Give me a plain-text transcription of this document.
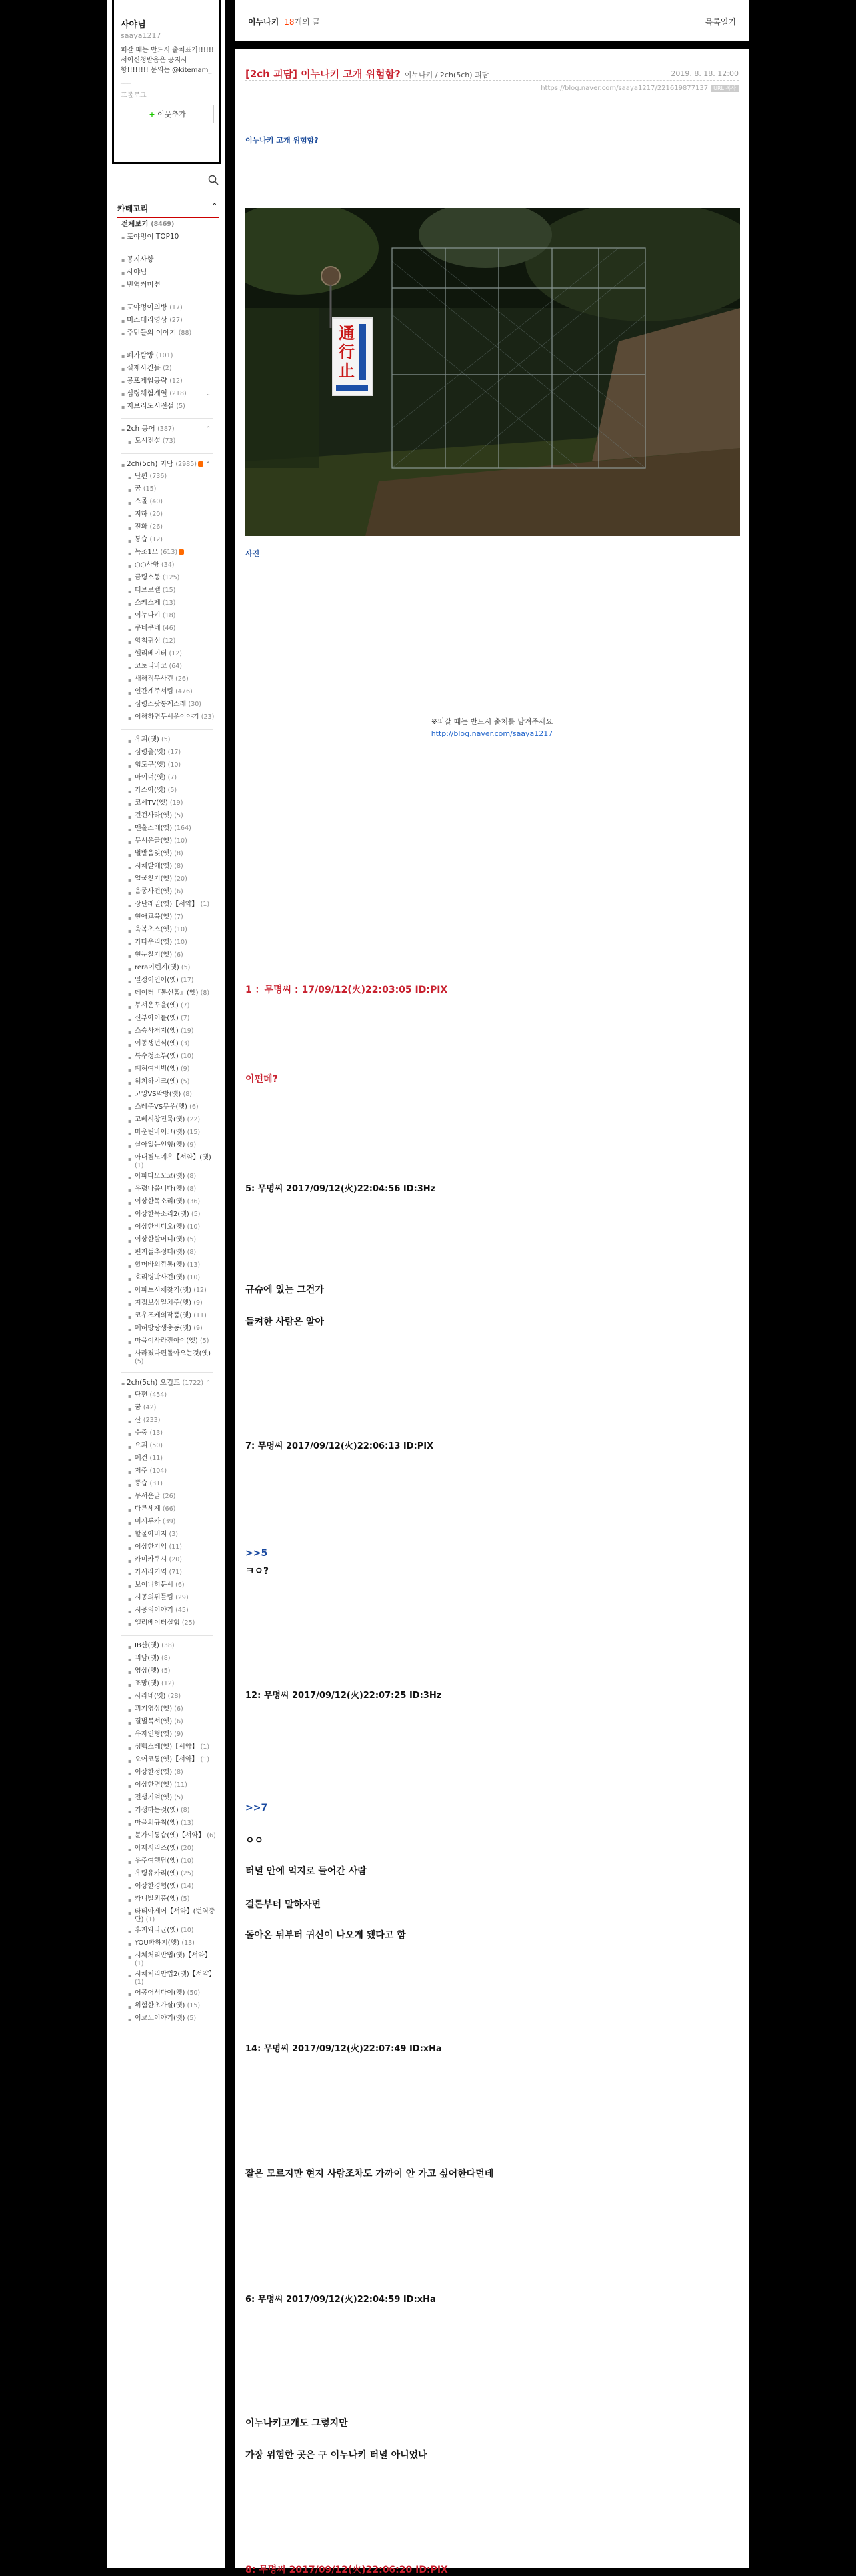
사야님
saaya1217
퍼갈 때는 반드시 출처표기!!!!!! 서이신청받음은 공지사항!!!!!!!! 문의는 @kitemam____
프롤로그
+ 이웃추가
카테고리	⌃
전체보기 (8469)
▪ 포야멍이 TOP10
▪ 공지사항
▪ 사야님
▪ 번역커미션
▪ 포야멍이의방 (17)
▪ 미스테리영상 (27)
▪ 주민들의 이야기 (88)
▪ 폐가탐방 (101)
▪ 실제사건들 (2)
▪ 공포게임공략 (12)
▪ 심령체험계열 (218)	⌄
▪ 지브리도시전설 (5)
▪ 2ch 공어 (387)	⌃
▪ 도시전설 (73)
▪ 2ch(5ch) 괴담 (2985) ⌃
▪ 단편 (736)
▪ 꿈 (15)
▪ 스몰 (40)
▪ 지하 (20)
▪ 전화 (26)
▪ 통습 (12)
▪ 녹조1모 (613)
▪ ○○사항 (34)
▪ 금령소동 (125)
▪ 터브로렐 (15)
▪ 쇼케스제 (13)
▪ 이누나키 (18)
▪ 쿠네쿠네 (46)
▪ 합척귀신 (12)
▪ 헬리베이터 (12)
▪ 코토리바코 (64)
▪ 새해직무사건 (26)
▪ 인간계주서림 (476)
▪ 심령스팟통계스레 (30)
▪ 이해하면무서운이야기 (23)
▪ 유괴(옛) (5)
▪ 심령출(옛) (17)
▪ 험도구(옛) (10)
▪ 마이너(옛) (7)
▪ 카스아(옛) (5)
▪ 코세TV(옛) (19)
▪ 건건사라(옛) (5)
▪ 맨홀스레(옛) (164)
▪ 무서운글(옛) (10)
▪ 벌받음잊(옛) (8)
▪ 시체발에(옛) (8)
▪ 얼굴찾기(옛) (20)
▪ 음종사건(옛) (6)
▪ 장난래일(옛)【서약】 (1)
▪ 현애교육(옛) (7)
▪ 욱복초스(옛) (10)
▪ 카타우리(옛) (10)
▪ 현눈찰기(옛) (6)
▪ rera이렌지(옛) (5)
▪ 일정이인어(옛) (17)
▪ 데이터『통신홈』(옛) (8)
▪ 무서운꾸을(옛) (7)
▪ 신부아이를(옛) (7)
▪ 스승사저지(옛) (19)
▪ 여동생년식(옛) (3)
▪ 특수청소부(옛) (10)
▪ 폐허여비빔(옛) (9)
▪ 히치하이크(옛) (5)
▪ 고잉VS막방(옛) (8)
▪ 스레주VS무우(옛) (6)
▪ 고베시창진묵(옛) (22)
▪ 마운틴바이크(옛) (15)
▪ 살아있는인형(옛) (9)
▪ 아내될노예유【서약】(옛) (1)
▪ 아파다모모코(옛) (8)
▪ 유령나옵니다(옛) (8)
▪ 이상한목소리(옛) (36)
▪ 이상한목소리2(옛) (5)
▪ 이상한비디오(옛) (10)
▪ 이상한할머니(옛) (5)
▪ 편지들추정터(옛) (8)
▪ 할머바의깡통(옛) (13)
▪ 호리병박사건(옛) (10)
▪ 아파트시체찾기(옛) (12)
▪ 지정보상일치주(옛) (9)
▪ 코우즈케의작품(옛) (11)
▪ 폐허방랑생충동(옛) (9)
▪ 마음이사라진아이(옛) (5)
▪ 사라졌다편돌아오는것(옛) (5)
▪ 2ch(5ch) 오컬트 (1722) ⌃
▪ 단편 (454)
▪ 꿈 (42)
▪ 산 (233)
▪ 수중 (13)
▪ 요괴 (50)
▪ 폐건 (11)
▪ 저주 (104)
▪ 풍습 (31)
▪ 무서운글 (26)
▪ 다른세계 (66)
▪ 미시루카 (39)
▪ 할물아버지 (3)
▪ 이상한기억 (11)
▪ 카미카쿠시 (20)
▪ 카시라기역 (71)
▪ 보이니히문서 (6)
▪ 시공의뒤틀림 (29)
▪ 시공의이야기 (45)
▪ 엘리베이터실험 (25)
▪ IB산(옛) (38)
▪ 괴담(옛) (8)
▪ 영상(옛) (5)
▪ 조망(옛) (12)
▪ 사라네(옛) (28)
▪ 괴기영상(옛) (6)
▪ 결벌목서(옛) (6)
▪ 유자인형(옛) (9)
▪ 성백스레(옛)【서약】 (1)
▪ 오어코통(옛)【서약】 (1)
▪ 이상한정(옛) (8)
▪ 이상한명(옛) (11)
▪ 전생기억(옛) (5)
▪ 기생하는것(옛) (8)
▪ 마을의규칙(옛) (13)
▪ 문가이통습(옛)【서약】 (6)
▪ 아제시리즈(옛) (20)
▪ 우주여행담(옛) (10)
▪ 유령유카리(옛) (25)
▪ 이상한경험(옛) (14)
▪ 카니발괴풍(옛) (5)
▪ 타티아제어【서약】(번역중단) (1)
▪ 후지와라균(옛) (10)
▪ YOU파하지(옛) (13)
▪ 시체처리반법(옛)【서약】 (1)
▪ 시체처리반법2(옛)【서약】 (1)
▪ 어공어서다이(옛) (50)
▪ 위험한초가살(옛) (15)
▪ 이코노이야기(옛) (5)
이누나키 18개의 글	목록열기
[2ch 괴담] 이누나키 고개 위험함? 이누나키 / 2ch(5ch) 괴담	2019. 8. 18. 12:00
https://blog.naver.com/saaya1217/221619877137 URL 복사
이누나키 고개 위험함?
通行止
사진
※퍼갈 때는 반드시 출처를 남겨주세요
http://blog.naver.com/saaya1217
1 ：무명씨 : 17/09/12(火)22:03:05 ID:PIX
이펀데?
5: 무명씨 2017/09/12(火)22:04:56 ID:3Hz
규슈에 있는 그건가
들켜한 사람은 알아
7: 무명씨 2017/09/12(火)22:06:13 ID:PIX
>>5
ㅋㅇ?
12: 무명씨 2017/09/12(火)22:07:25 ID:3Hz
>>7
ㅇㅇ
터널 안에 억지로 들어간 사람
결론부터 말하자면
돌아온 뒤부터 귀신이 나오게 됐다고 함
14: 무명씨 2017/09/12(火)22:07:49 ID:xHa
잘은 모르지만 현지 사람조차도 가까이 안 가고 싶어한다던데
6: 무명씨 2017/09/12(火)22:04:59 ID:xHa
이누나키고개도 그렇지만
가장 위험한 곳은 구 이누나키 터널 아니었나
8: 무명씨 2017/09/12(火)22:06:20 ID:PIX
